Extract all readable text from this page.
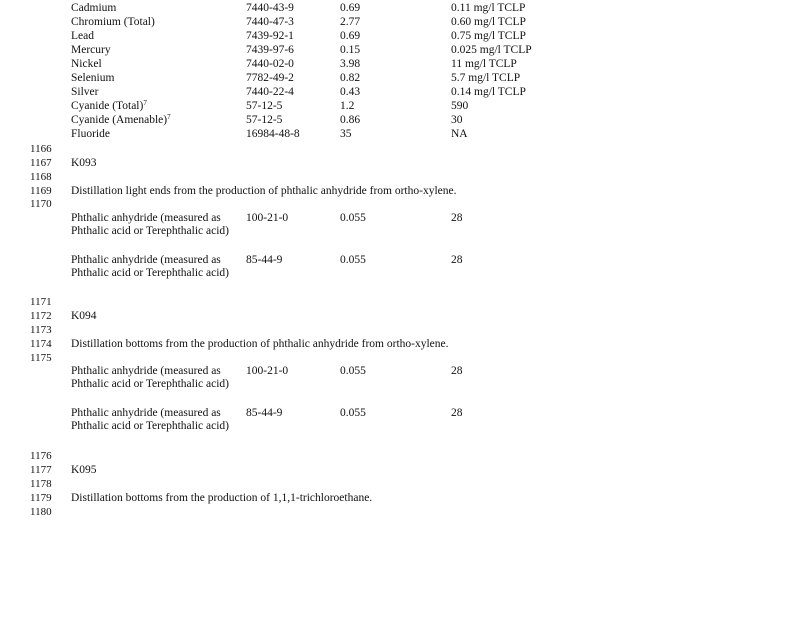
Cadmium	7440-43-9	0.69	0.11 mg/l TCLP
Chromium (Total)	7440-47-3	2.77	0.60 mg/l TCLP
Lead	7439-92-1	0.69	0.75 mg/l TCLP
Mercury	7439-97-6	0.15	0.025 mg/l TCLP
Nickel	7440-02-0	3.98	11 mg/l TCLP
Selenium	7782-49-2	0.82	5.7 mg/l TCLP
Silver	7440-22-4	0.43	0.14 mg/l TCLP
Cyanide (Total)$^7$	57-12-5	1.2	590
Cyanide (Amenable)$^7$	57-12-5	0.86	30
Fluoride	16984-48-8	35	NA
1166
1167
1168
1169
1170
1171
1172
1173
1174
1175
1176
1177
1178
1179
1180
K093
Distillation light ends from the production of phthalic anhydride from ortho-xylene.
Phthalic anhydride (measured as Phthalic acid or Terephthalic acid)
100-21-0	0.055	28
Phthalic anhydride (measured as Phthalic acid or Terephthalic acid)
85-44-9	0.055	28
K094
Distillation bottoms from the production of phthalic anhydride from ortho-xylene.
Phthalic anhydride (measured as Phthalic acid or Terephthalic acid)
100-21-0	0.055	28
Phthalic anhydride (measured as Phthalic acid or Terephthalic acid)
85-44-9	0.055	28
K095
Distillation bottoms from the production of 1,1,1-trichloroethane.
